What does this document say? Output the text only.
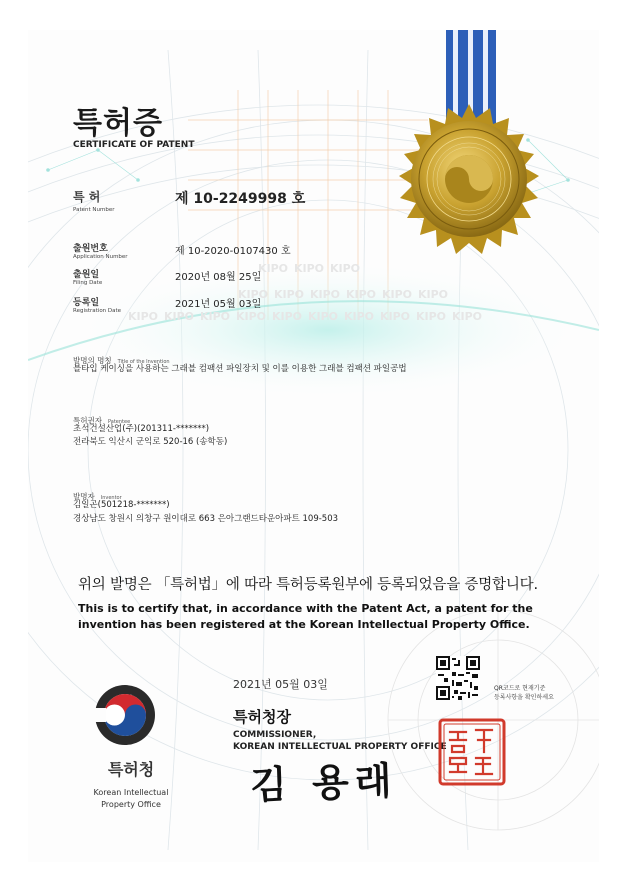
KIPO KIPO KIPO
KIPO KIPO KIPO KIPO KIPO KIPO
KIPO KIPO KIPO KIPO KIPO KIPO KIPO KIPO KIPO KIPO
특허증
CERTIFICATE OF PATENT
특 허
Patent Number
제 10-2249998 호
출원번호
Application Number	제 10-2020-0107430 호
출원일
Filing Date	2020년 08월 25일
등록일
Registration Date
2021년 05월 03일
발명의 명칭 Title of the Invention
블타입 케이싱을 사용하는 그래블 컴팩션 파일장치 및 이를 이용한 그래블 컴팩션 파일공법
특허권자 Patentee
초석건설산업(주)(201311-*******)
전라북도 익산시 군익로 520-16 (송학동)
발명자 Inventor
김일곤(501218-*******)
경상남도 창원시 의창구 원이대로 663 은아그랜드타운아파트 109-503
위의 발명은 「특허법」에 따라 특허등록원부에 등록되었음을 증명합니다.
This is to certify that, in accordance with the Patent Act, a patent for the
invention has been registered at the Korean Intellectual Property Office.
특허청
Korean Intellectual
Property Office
2021년 05월 03일
특허청장
COMMISSIONER,
KOREAN INTELLECTUAL PROPERTY OFFICE
김 용래
QR코드로 현재기준
등록사항을 확인하세요
